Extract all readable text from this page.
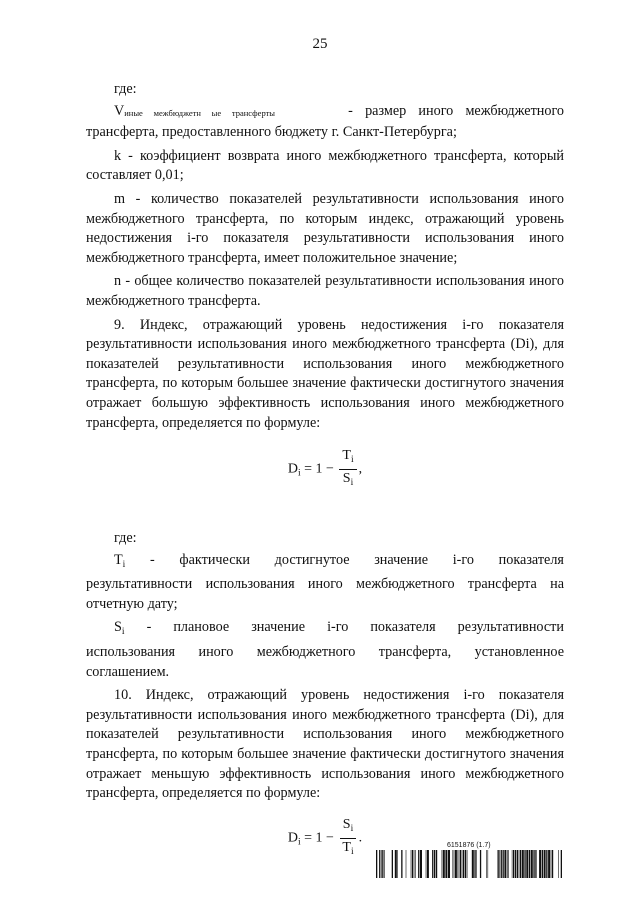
25

где:

Vиные межбюджетн ые трансферты	- размер иного межбюджетного

трансферта, предоставленного бюджету г. Санкт-Петербурга;

k - коэффициент возврата иного межбюджетного трансферта, который составляет 0,01;

m - количество показателей результативности использования иного межбюджетного трансферта, по которым индекс, отражающий уровень недостижения i-го показателя результативности использования иного межбюджетного трансферта, имеет положительное значение;

n - общее количество показателей результативности использования иного межбюджетного трансферта.

9. Индекс, отражающий уровень недостижения i-го показателя результативности использования иного межбюджетного трансферта (Di), для показателей результативности использования иного межбюджетного трансферта, по которым большее значение фактически достигнутого значения отражает большую эффективность использования иного межбюджетного трансферта, определяется по формуле:

$D_i = 1 - \frac{T_i}{S_i}$ ,

где:

$T_i$ - фактически достигнутое значение i-го показателя

результативности использования иного межбюджетного трансферта на отчетную дату;

$S_i$ - плановое значение i-го показателя результативности

использования иного межбюджетного трансферта, установленное соглашением.

10. Индекс, отражающий уровень недостижения i-го показателя результативности использования иного межбюджетного трансферта (Di), для показателей результативности использования иного межбюджетного трансферта, по которым большее значение фактически достигнутого значения отражает меньшую эффективность использования иного межбюджетного трансферта, определяется по формуле:

$D_i = 1 - \frac{S_i}{T_i}$ .	6151876 (1.7)
